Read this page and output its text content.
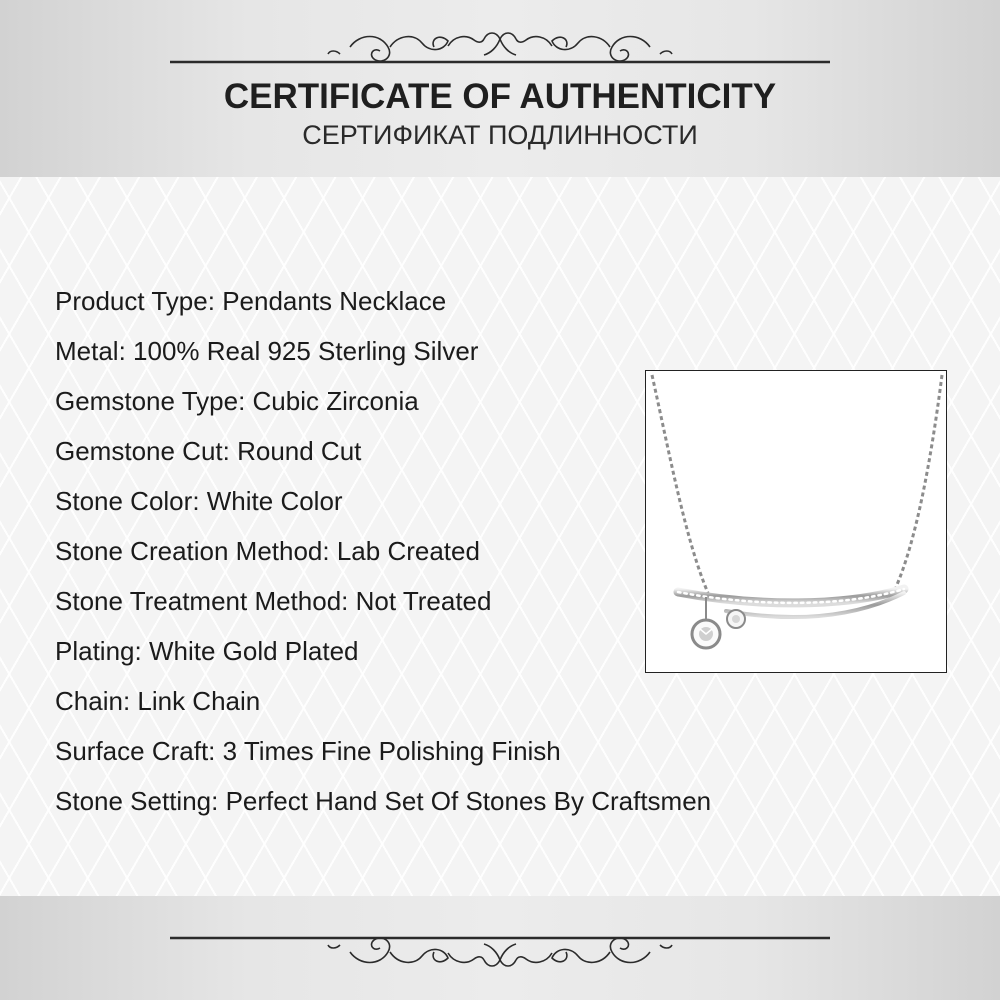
CERTIFICATE OF AUTHENTICITY
СЕРТИФИКАТ ПОДЛИННОСТИ
Product Type: Pendants Necklace
Metal: 100% Real 925 Sterling Silver
Gemstone Type: Cubic Zirconia
Gemstone Cut: Round Cut
Stone Color: White Color
Stone Creation Method: Lab Created
Stone Treatment Method: Not Treated
Plating: White Gold Plated
Chain: Link Chain
Surface Craft: 3 Times Fine Polishing Finish
Stone Setting: Perfect Hand Set Of Stones By Craftsmen
